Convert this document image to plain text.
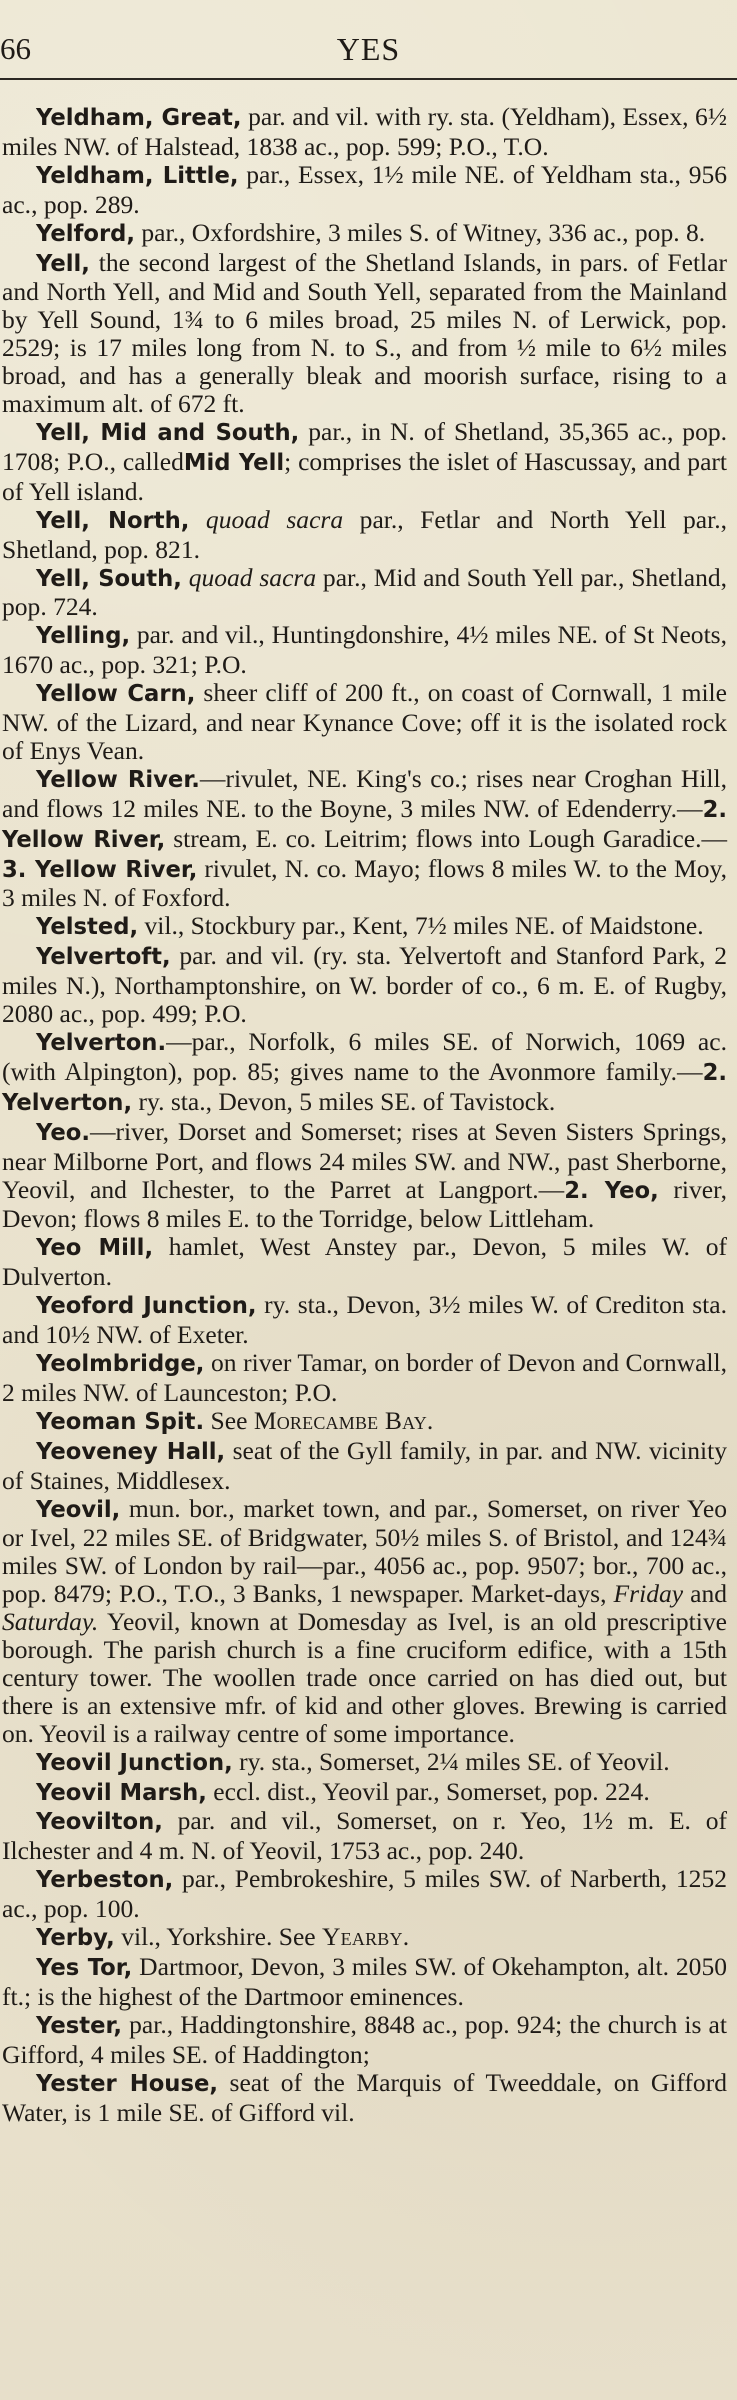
66	YES

Yeldham, Great, par. and vil. with ry. sta. (Yeldham), Essex, 6½ miles NW. of Halstead, 1838 ac., pop. 599; P.O., T.O.

Yeldham, Little, par., Essex, 1½ mile NE. of Yeldham sta., 956 ac., pop. 289.

Yelford, par., Oxfordshire, 3 miles S. of Witney, 336 ac., pop. 8.

Yell, the second largest of the Shetland Islands, in pars. of Fetlar and North Yell, and Mid and South Yell, separated from the Mainland by Yell Sound, 1¾ to 6 miles broad, 25 miles N. of Lerwick, pop. 2529; is 17 miles long from N. to S., and from ½ mile to 6½ miles broad, and has a generally bleak and moorish surface, rising to a maximum alt. of 672 ft.

Yell, Mid and South, par., in N. of Shetland, 35,365 ac., pop. 1708; P.O., calledMid Yell; comprises the islet of Hascussay, and part of Yell island.

Yell, North, quoad sacra par., Fetlar and North Yell par., Shetland, pop. 821.

Yell, South, quoad sacra par., Mid and South Yell par., Shetland, pop. 724.

Yelling, par. and vil., Huntingdonshire, 4½ miles NE. of St Neots, 1670 ac., pop. 321; P.O.

Yellow Carn, sheer cliff of 200 ft., on coast of Cornwall, 1 mile NW. of the Lizard, and near Kynance Cove; off it is the isolated rock of Enys Vean.

Yellow River.—rivulet, NE. King's co.; rises near Croghan Hill, and flows 12 miles NE. to the Boyne, 3 miles NW. of Edenderry.—2. Yellow River, stream, E. co. Leitrim; flows into Lough Garadice.—3. Yellow River, rivulet, N. co. Mayo; flows 8 miles W. to the Moy, 3 miles N. of Foxford.

Yelsted, vil., Stockbury par., Kent, 7½ miles NE. of Maidstone.

Yelvertoft, par. and vil. (ry. sta. Yelvertoft and Stanford Park, 2 miles N.), Northamptonshire, on W. border of co., 6 m. E. of Rugby, 2080 ac., pop. 499; P.O.

Yelverton.—par., Norfolk, 6 miles SE. of Norwich, 1069 ac. (with Alpington), pop. 85; gives name to the Avonmore family.—2. Yelverton, ry. sta., Devon, 5 miles SE. of Tavistock.

Yeo.—river, Dorset and Somerset; rises at Seven Sisters Springs, near Milborne Port, and flows 24 miles SW. and NW., past Sherborne, Yeovil, and Ilchester, to the Parret at Langport.—2. Yeo, river, Devon; flows 8 miles E. to the Torridge, below Littleham.

Yeo Mill, hamlet, West Anstey par., Devon, 5 miles W. of Dulverton.

Yeoford Junction, ry. sta., Devon, 3½ miles W. of Crediton sta. and 10½ NW. of Exeter.

Yeolmbridge, on river Tamar, on border of Devon and Cornwall, 2 miles NW. of Launceston; P.O.

Yeoman Spit. See Morecambe Bay.

Yeoveney Hall, seat of the Gyll family, in par. and NW. vicinity of Staines, Middlesex.

Yeovil, mun. bor., market town, and par., Somerset, on river Yeo or Ivel, 22 miles SE. of Bridgwater, 50½ miles S. of Bristol, and 124¾ miles SW. of London by rail—par., 4056 ac., pop. 9507; bor., 700 ac., pop. 8479; P.O., T.O., 3 Banks, 1 newspaper. Market-days, Friday and Saturday. Yeovil, known at Domesday as Ivel, is an old prescriptive borough. The parish church is a fine cruciform edifice, with a 15th century tower. The woollen trade once carried on has died out, but there is an extensive mfr. of kid and other gloves. Brewing is carried on. Yeovil is a railway centre of some importance.

Yeovil Junction, ry. sta., Somerset, 2¼ miles SE. of Yeovil.

Yeovil Marsh, eccl. dist., Yeovil par., Somerset, pop. 224.

Yeovilton, par. and vil., Somerset, on r. Yeo, 1½ m. E. of Ilchester and 4 m. N. of Yeovil, 1753 ac., pop. 240.

Yerbeston, par., Pembrokeshire, 5 miles SW. of Narberth, 1252 ac., pop. 100.

Yerby, vil., Yorkshire. See Yearby.

Yes Tor, Dartmoor, Devon, 3 miles SW. of Okehampton, alt. 2050 ft.; is the highest of the Dartmoor eminences.

Yester, par., Haddingtonshire, 8848 ac., pop. 924; the church is at Gifford, 4 miles SE. of Haddington;

Yester House, seat of the Marquis of Tweeddale, on Gifford Water, is 1 mile SE. of Gifford vil.
